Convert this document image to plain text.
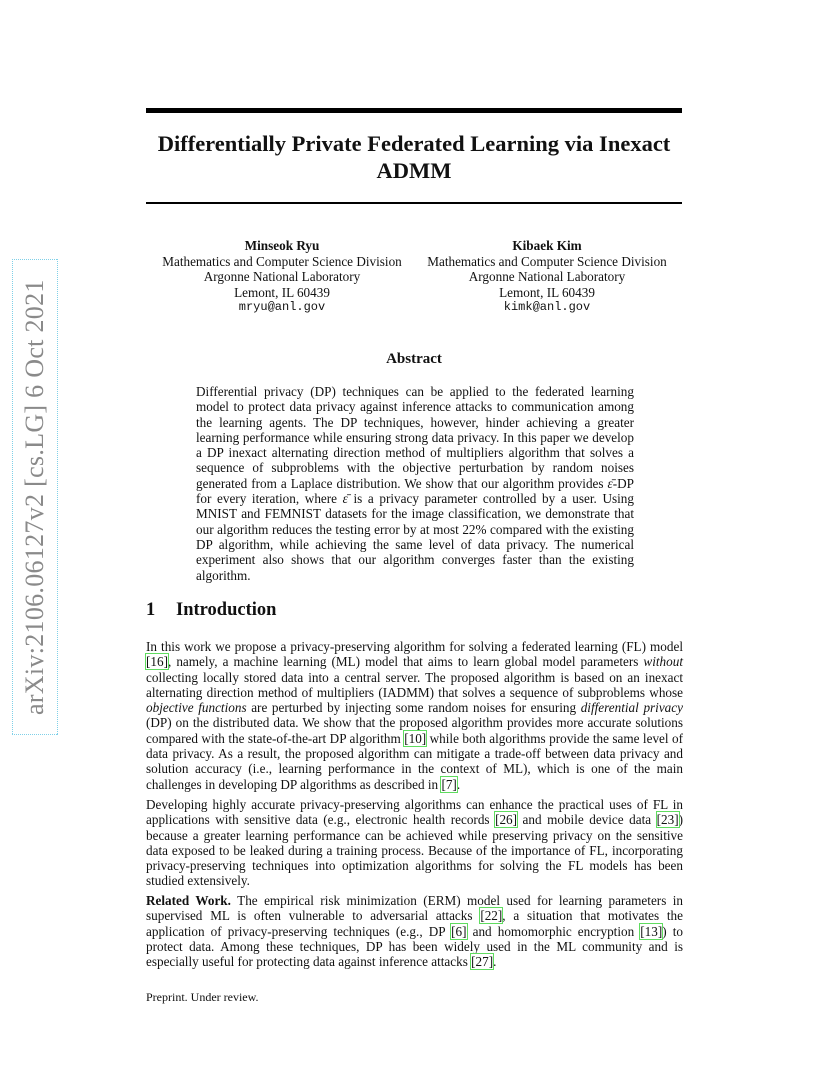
arXiv:2106.06127v2 [cs.LG] 6 Oct 2021
Differentially Private Federated Learning via Inexact ADMM
Minseok Ryu
Mathematics and Computer Science Division
Argonne National Laboratory
Lemont, IL 60439
mryu@anl.gov
Kibaek Kim
Mathematics and Computer Science Division
Argonne National Laboratory
Lemont, IL 60439
kimk@anl.gov
Abstract

Differential privacy (DP) techniques can be applied to the federated learning model to protect data privacy against inference attacks to communication among the learning agents. The DP techniques, however, hinder achieving a greater learning performance while ensuring strong data privacy. In this paper we develop a DP inexact alternating direction method of multipliers algorithm that solves a sequence of subproblems with the objective perturbation by random noises generated from a Laplace distribution. We show that our algorithm provides ε̄-DP for every iteration, where ε̄ is a privacy parameter controlled by a user. Using MNIST and FEMNIST datasets for the image classification, we demonstrate that our algorithm reduces the testing error by at most 22% compared with the existing DP algorithm, while achieving the same level of data privacy. The numerical experiment also shows that our algorithm converges faster than the existing algorithm.

1 Introduction

In this work we propose a privacy-preserving algorithm for solving a federated learning (FL) model [16], namely, a machine learning (ML) model that aims to learn global model parameters without collecting locally stored data into a central server. The proposed algorithm is based on an inexact alternating direction method of multipliers (IADMM) that solves a sequence of subproblems whose objective functions are perturbed by injecting some random noises for ensuring differential privacy (DP) on the distributed data. We show that the proposed algorithm provides more accurate solutions compared with the state-of-the-art DP algorithm [10] while both algorithms provide the same level of data privacy. As a result, the proposed algorithm can mitigate a trade-off between data privacy and solution accuracy (i.e., learning performance in the context of ML), which is one of the main challenges in developing DP algorithms as described in [7].

Developing highly accurate privacy-preserving algorithms can enhance the practical uses of FL in applications with sensitive data (e.g., electronic health records [26] and mobile device data [23]) because a greater learning performance can be achieved while preserving privacy on the sensitive data exposed to be leaked during a training process. Because of the importance of FL, incorporating privacy-preserving techniques into optimization algorithms for solving the FL models has been studied extensively.

Related Work. The empirical risk minimization (ERM) model used for learning parameters in supervised ML is often vulnerable to adversarial attacks [22], a situation that motivates the application of privacy-preserving techniques (e.g., DP [6] and homomorphic encryption [13]) to protect data. Among these techniques, DP has been widely used in the ML community and is especially useful for protecting data against inference attacks [27].

Preprint. Under review.
